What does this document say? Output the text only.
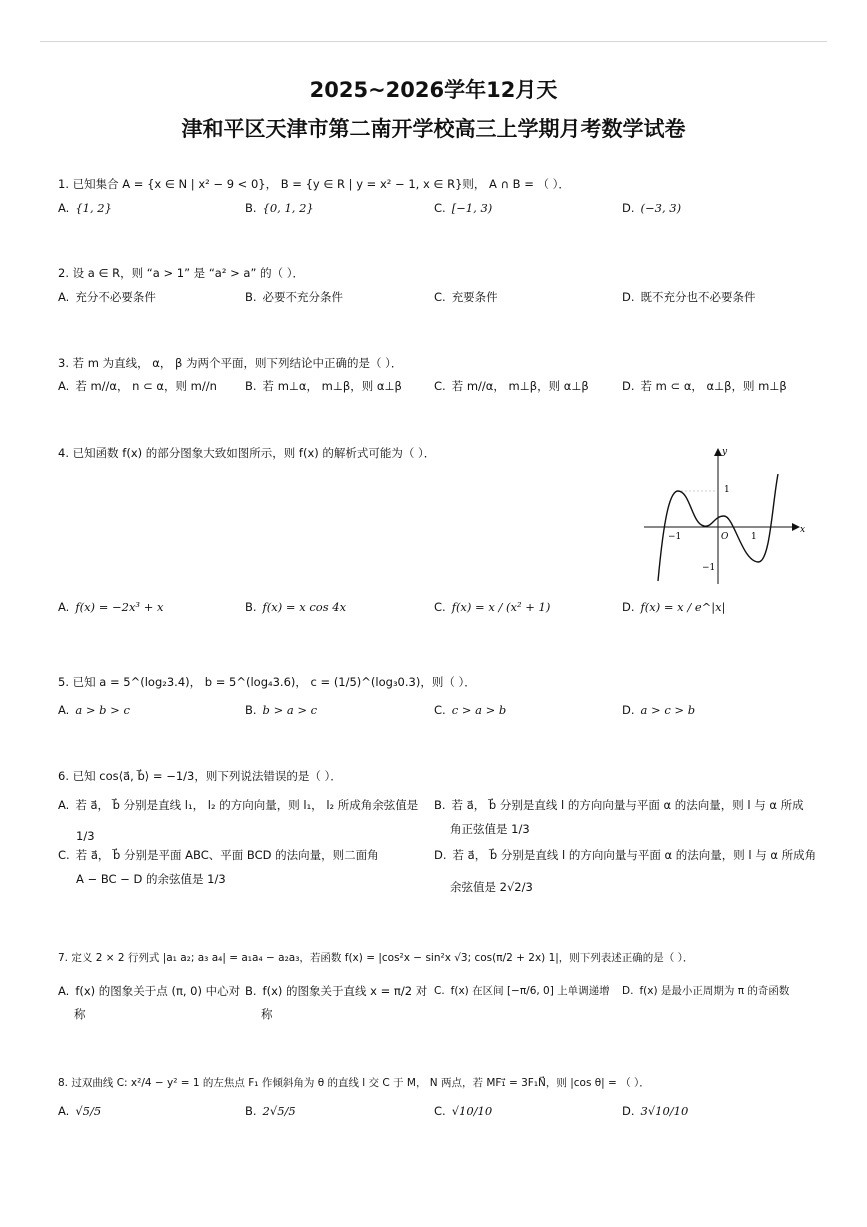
2025~2026学年12月天
津和平区天津市第二南开学校高三上学期月考数学试卷
1. 已知集合 A = {x ∈ N | x² − 9 < 0}， B = {y ∈ R | y = x² − 1, x ∈ R}则， A ∩ B = （ ）．
A. {1, 2}	B. {0, 1, 2}	C. [−1, 3)	D. (−3, 3)
2. 设 a ∈ R，则 “a > 1” 是 “a² > a” 的（ ）．
A. 充分不必要条件	B. 必要不充分条件	C. 充要条件	D. 既不充分也不必要条件
3. 若 m 为直线， α， β 为两个平面，则下列结论中正确的是（ ）．
A. 若 m//α， n ⊂ α，则 m//n B. 若 m⊥α， m⊥β，则 α⊥β	C. 若 m//α， m⊥β，则 α⊥β	D. 若 m ⊂ α， α⊥β，则 m⊥β
4. 已知函数 f(x) 的部分图象大致如图所示，则 f(x) 的解析式可能为（ ）．
x
y
O
−1	1
1
−1
A. f(x) = −2x³ + x	B. f(x) = x cos 4x	C. f(x) = x / (x² + 1)	D. f(x) = x / e^|x|
5. 已知 a = 5^(log₂3.4)， b = 5^(log₄3.6)， c = (1/5)^(log₃0.3)，则（ ）．
A. a > b > c	B. b > a > c	C. c > a > b	D. a > c > b
6. 已知 cos⟨a⃗, b⃗⟩ = −1/3，则下列说法错误的是（ ）．
A. 若 a⃗， b⃗ 分别是直线 l₁， l₂ 的方向向量，则 l₁， l₂ 所成角余弦值是
1/3
B. 若 a⃗， b⃗ 分别是直线 l 的方向向量与平面 α 的法向量，则 l 与 α 所成
角正弦值是 1/3
C. 若 a⃗， b⃗ 分别是平面 ABC、平面 BCD 的法向量，则二面角
A − BC − D 的余弦值是 1/3
D. 若 a⃗， b⃗ 分别是直线 l 的方向向量与平面 α 的法向量，则 l 与 α 所成角
余弦值是 2√2/3
7. 定义 2 × 2 行列式 |a₁ a₂; a₃ a₄| = a₁a₄ − a₂a₃，若函数 f(x) = |cos²x − sin²x √3; cos(π/2 + 2x) 1|，则下列表述正确的是（ ）．
A. f(x) 的图象关于点 (π, 0) 中心对
称
B. f(x) 的图象关于直线 x = π/2 对
称
C. f(x) 在区间 [−π/6, 0] 上单调递增 D. f(x) 是最小正周期为 π 的奇函数
8. 过双曲线 C: x²/4 − y² = 1 的左焦点 F₁ 作倾斜角为 θ 的直线 l 交 C 于 M， N 两点，若 MF₁⃗ = 3F₁N⃗，则 |cos θ| = （ ）．
A. √5/5	B. 2√5/5	C. √10/10	D. 3√10/10
